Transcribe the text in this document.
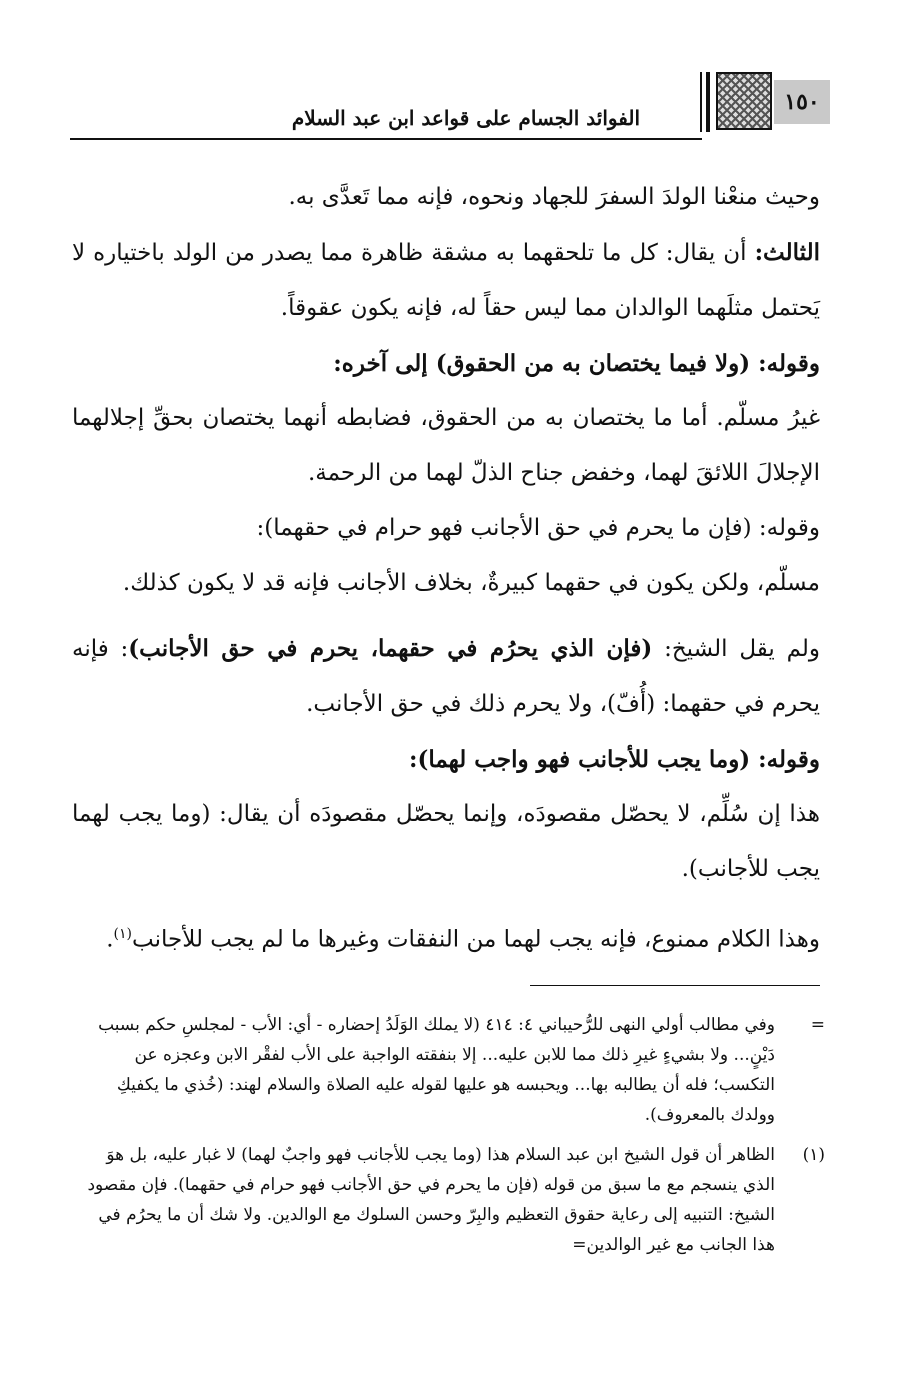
الفوائد الجسام على قواعد ابن عبد السلام
١٥٠

وحيث منعْنا الولدَ السفرَ للجهاد ونحوه، فإنه مما تَعدَّى به.

الثالث: أن يقال: كل ما تلحقهما به مشقة ظاهرة مما يصدر من الولد باختياره لا يَحتمل مثلَهما الوالدان مما ليس حقاً له، فإنه يكون عقوقاً.

وقوله: (ولا فيما يختصان به من الحقوق) إلى آخره:

غيرُ مسلّم. أما ما يختصان به من الحقوق، فضابطه أنهما يختصان بحقِّ إجلالهما الإجلالَ اللائقَ لهما، وخفض جناح الذلّ لهما من الرحمة.

وقوله: (فإن ما يحرم في حق الأجانب فهو حرام في حقهما):

مسلّم، ولكن يكون في حقهما كبيرةٌ، بخلاف الأجانب فإنه قد لا يكون كذلك.

ولم يقل الشيخ: (فإن الذي يحرُم في حقهما، يحرم في حق الأجانب): فإنه يحرم في حقهما: (أُفّ)، ولا يحرم ذلك في حق الأجانب.

وقوله: (وما يجب للأجانب فهو واجب لهما):

هذا إن سُلِّم، لا يحصّل مقصودَه، وإنما يحصّل مقصودَه أن يقال: (وما يجب لهما يجب للأجانب).

وهذا الكلام ممنوع، فإنه يجب لهما من النفقات وغيرها ما لم يجب للأجانب$^{(١)}$.

=
وفي مطالب أولي النهى للرُّحيباني ٤: ٤١٤ (لا يملك الوَلَدُ إحضاره - أي: الأب - لمجلسِ حكم بسبب دَيْنٍ... ولا بشيءٍ غيرِ ذلك مما للابن عليه... إلا بنفقته الواجبة على الأب لفقْر الابن وعجزه عن التكسب؛ فله أن يطالبه بها... ويحبسه هو عليها لقوله عليه الصلاة والسلام لهند: (خُذي ما يكفيكِ وولدك بالمعروف).

(١)
الظاهر أن قول الشيخ ابن عبد السلام هذا (وما يجب للأجانب فهو واجبٌ لهما) لا غبار عليه، بل هوَ الذي ينسجم مع ما سبق من قوله (فإن ما يحرم في حق الأجانب فهو حرام في حقهما). فإن مقصود الشيخ: التنبيه إلى رعاية حقوق التعظيم والبِرّ وحسن السلوك مع الوالدين. ولا شك أن ما يحرُم في هذا الجانب مع غير الوالدين=
